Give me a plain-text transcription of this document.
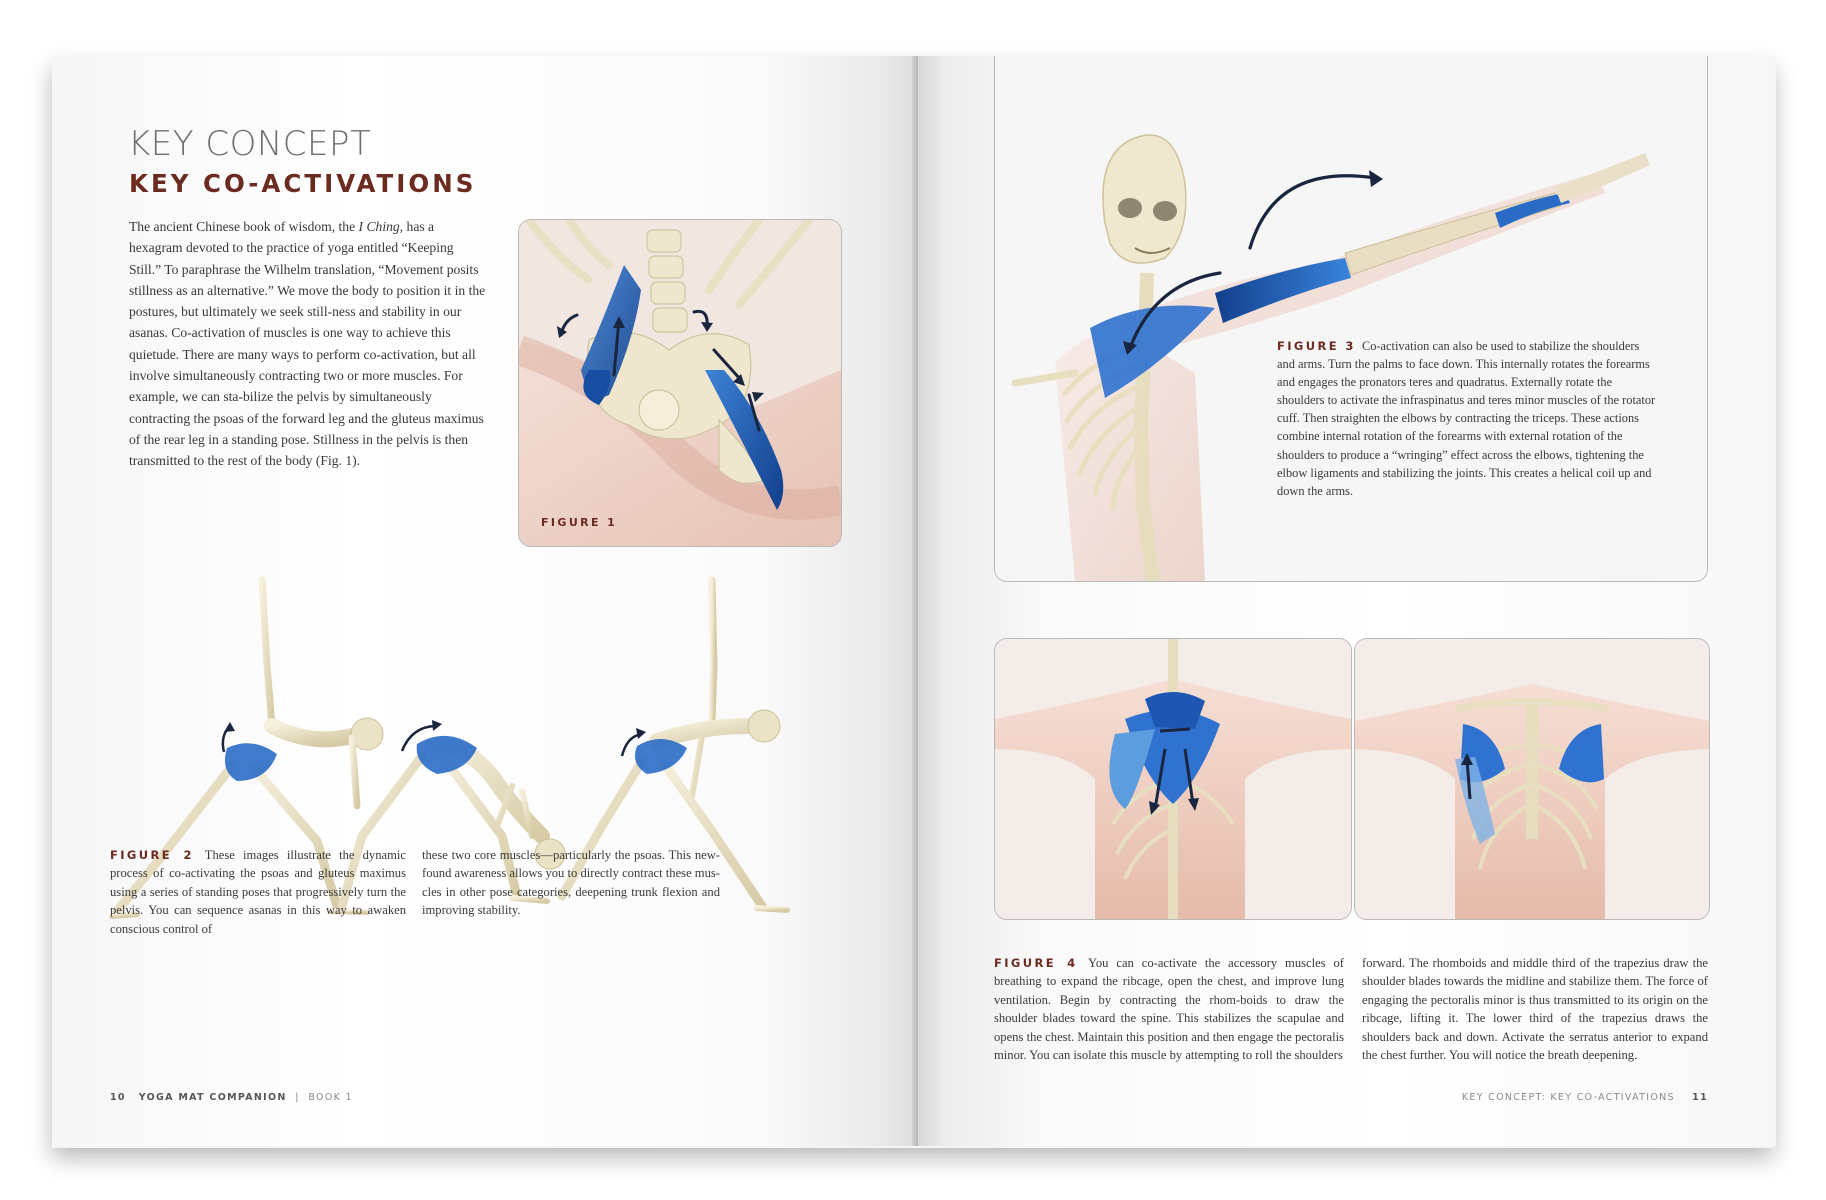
KEY CONCEPT
KEY CO-ACTIVATIONS
The ancient Chinese book of wisdom, the I Ching, has a hexagram devoted to the practice of yoga entitled “Keeping Still.” To paraphrase the Wilhelm translation, “Movement posits stillness as an alternative.” We move the body to position it in the postures, but ultimately we seek still-ness and stability in our asanas. Co-activation of muscles is one way to achieve this quietude. There are many ways to perform co-activation, but all involve simultaneously contracting two or more muscles. For example, we can sta-bilize the pelvis by simultaneously contracting the psoas of the forward leg and the gluteus maximus of the rear leg in a standing pose. Stillness in the pelvis is then transmitted to the rest of the body (Fig. 1).
FIGURE 1
FIGURE 2 These images illustrate the dynamic process of co-activating the psoas and gluteus maximus using a series of standing poses that progressively turn the pelvis. You can sequence asanas in this way to awaken conscious control of
these two core muscles—particularly the psoas. This new-found awareness allows you to directly contract these mus-cles in other pose categories, deepening trunk flexion and improving stability.
10 YOGA MAT COMPANION | BOOK 1
FIGURE 3 Co-activation can also be used to stabilize the shoulders and arms. Turn the palms to face down. This internally rotates the forearms and engages the pronators teres and quadratus. Externally rotate the shoulders to activate the infraspinatus and teres minor muscles of the rotator cuff. Then straighten the elbows by contracting the triceps. These actions combine internal rotation of the forearms with external rotation of the shoulders to produce a “wringing” effect across the elbows, tightening the elbow ligaments and stabilizing the joints. This creates a helical coil up and down the arms.
FIGURE 4 You can co-activate the accessory muscles of breathing to expand the ribcage, open the chest, and improve lung ventilation. Begin by contracting the rhom-boids to draw the shoulder blades toward the spine. This stabilizes the scapulae and opens the chest. Maintain this position and then engage the pectoralis minor. You can isolate this muscle by attempting to roll the shoulders
forward. The rhomboids and middle third of the trapezius draw the shoulder blades towards the midline and stabilize them. The force of engaging the pectoralis minor is thus transmitted to its origin on the ribcage, lifting it. The lower third of the trapezius draws the shoulders back and down. Activate the serratus anterior to expand the chest further. You will notice the breath deepening.
KEY CONCEPT: KEY CO-ACTIVATIONS 11
